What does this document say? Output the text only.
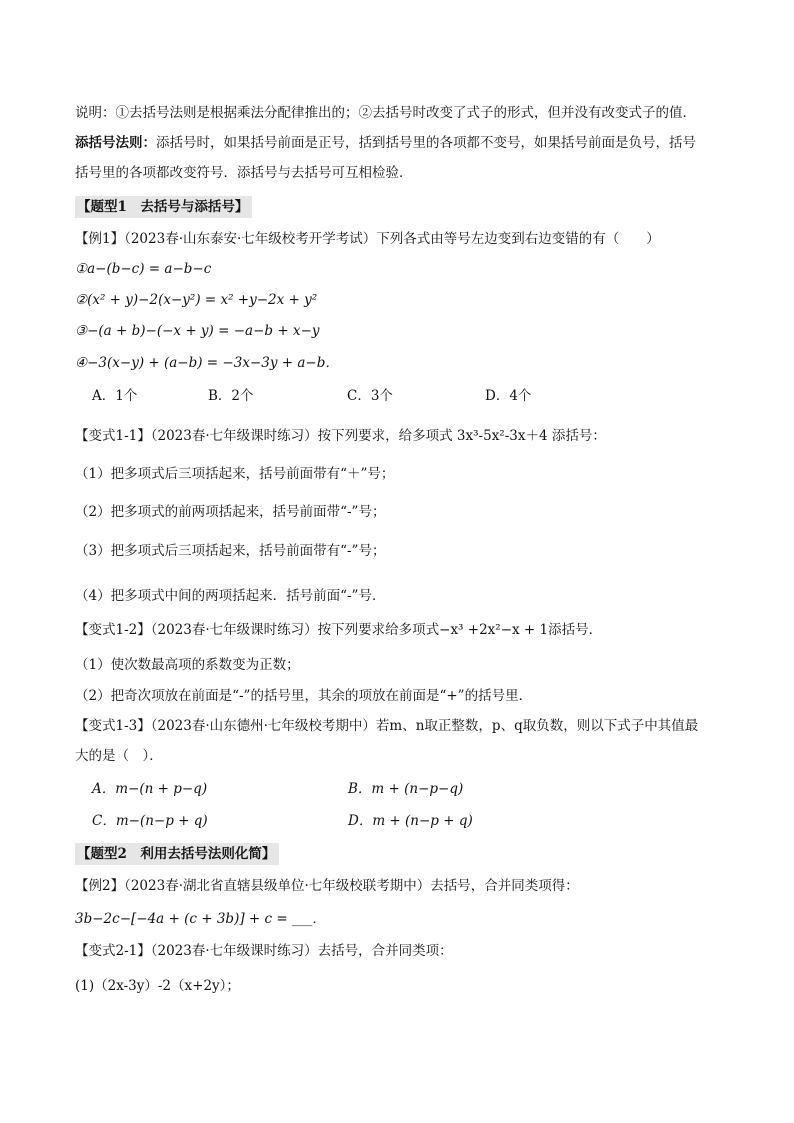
说明：①去括号法则是根据乘法分配律推出的；②去括号时改变了式子的形式，但并没有改变式子的值．
添括号法则：添括号时，如果括号前面是正号，括到括号里的各项都不变号，如果括号前面是负号，括号
括号里的各项都改变符号．添括号与去括号可互相检验．
【题型1　去括号与添括号】
【例1】（2023春·山东泰安·七年级校考开学考试）下列各式由等号左边变到右边变错的有（　　）
①a−(b−c) = a−b−c
②(x² + y)−2(x−y²) = x² +y−2x + y²
③−(a + b)−(−x + y) = −a−b + x−y
④−3(x−y) + (a−b) = −3x−3y + a−b．
A．1个	B．2个	C．3个	D．4个
【变式1-1】（2023春·七年级课时练习）按下列要求，给多项式 3x³-5x²-3x＋4 添括号：
（1）把多项式后三项括起来，括号前面带有“＋”号；
（2）把多项式的前两项括起来，括号前面带“-”号；
（3）把多项式后三项括起来，括号前面带有“-”号；
（4）把多项式中间的两项括起来．括号前面“-”号．
【变式1-2】（2023春·七年级课时练习）按下列要求给多项式−x³ +2x²−x + 1添括号．
（1）使次数最高项的系数变为正数；
（2）把奇次项放在前面是“-”的括号里，其余的项放在前面是“+”的括号里．
【变式1-3】（2023春·山东德州·七年级校考期中）若m、n取正整数，p、q取负数，则以下式子中其值最
大的是（　）．
A．m−(n + p−q)	B．m + (n−p−q)
C．m−(n−p + q)	D．m + (n−p + q)
【题型2　利用去括号法则化简】
【例2】（2023春·湖北省直辖县级单位·七年级校联考期中）去括号，合并同类项得：
3b−2c−[−4a + (c + 3b)] + c = ___．
【变式2-1】（2023春·七年级课时练习）去括号，合并同类项：
(1)（2x-3y）-2（x+2y）；
